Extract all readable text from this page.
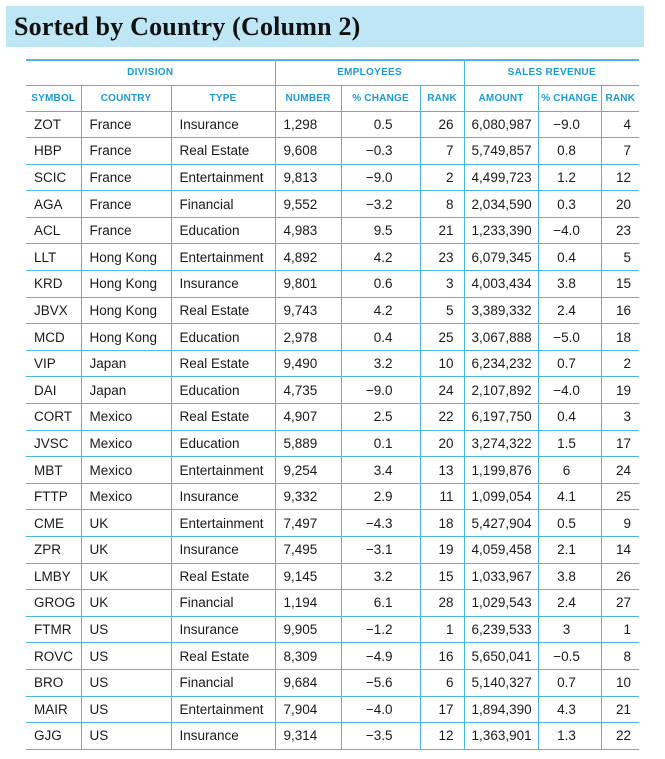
Sorted by Country (Column 2)
DIVISION			EMPLOYEES			SALES REVENUE		
SYMBOL	COUNTRY	TYPE	NUMBER	% CHANGE	RANK	AMOUNT	% CHANGE	RANK
ZOT	France	Insurance	1,298	0.5	26	6,080,987	−9.0	4
HBP	France	Real Estate	9,608	−0.3	7	5,749,857	0.8	7
SCIC	France	Entertainment	9,813	−9.0	2	4,499,723	1.2	12
AGA	France	Financial	9,552	−3.2	8	2,034,590	0.3	20
ACL	France	Education	4,983	9.5	21	1,233,390	−4.0	23
LLT	Hong Kong	Entertainment	4,892	4.2	23	6,079,345	0.4	5
KRD	Hong Kong	Insurance	9,801	0.6	3	4,003,434	3.8	15
JBVX	Hong Kong	Real Estate	9,743	4.2	5	3,389,332	2.4	16
MCD	Hong Kong	Education	2,978	0.4	25	3,067,888	−5.0	18
VIP	Japan	Real Estate	9,490	3.2	10	6,234,232	0.7	2
DAI	Japan	Education	4,735	−9.0	24	2,107,892	−4.0	19
CORT	Mexico	Real Estate	4,907	2.5	22	6,197,750	0.4	3
JVSC	Mexico	Education	5,889	0.1	20	3,274,322	1.5	17
MBT	Mexico	Entertainment	9,254	3.4	13	1,199,876	6	24
FTTP	Mexico	Insurance	9,332	2.9	11	1,099,054	4.1	25
CME	UK	Entertainment	7,497	−4.3	18	5,427,904	0.5	9
ZPR	UK	Insurance	7,495	−3.1	19	4,059,458	2.1	14
LMBY	UK	Real Estate	9,145	3.2	15	1,033,967	3.8	26
GROG	UK	Financial	1,194	6.1	28	1,029,543	2.4	27
FTMR	US	Insurance	9,905	−1.2	1	6,239,533	3	1
ROVC	US	Real Estate	8,309	−4.9	16	5,650,041	−0.5	8
BRO	US	Financial	9,684	−5.6	6	5,140,327	0.7	10
MAIR	US	Entertainment	7,904	−4.0	17	1,894,390	4.3	21
GJG	US	Insurance	9,314	−3.5	12	1,363,901	1.3	22
